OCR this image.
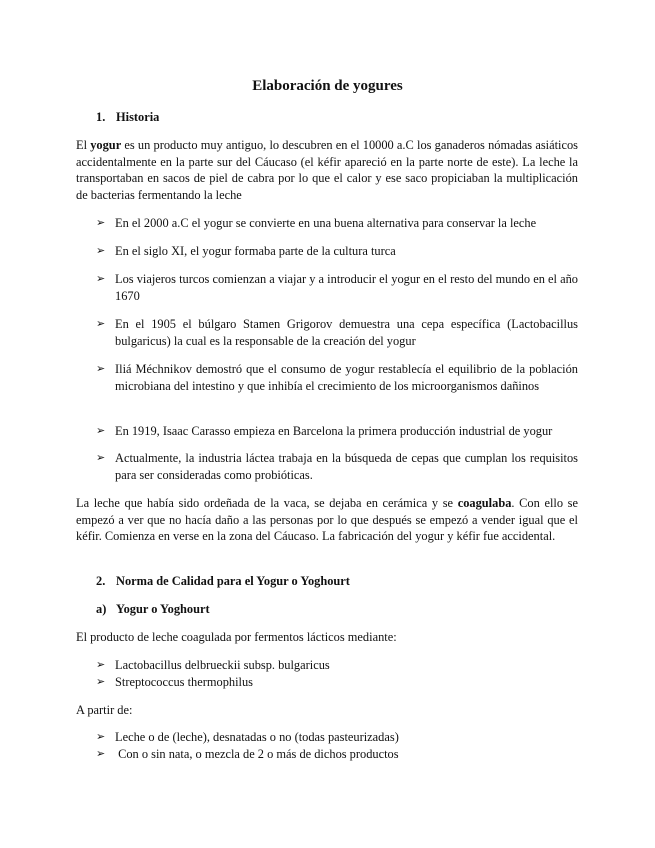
Elaboración de yogures
1. Historia

El yogur es un producto muy antiguo, lo descubren en el 10000 a.C los ganaderos nómadas asiáticos accidentalmente en la parte sur del Cáucaso (el kéfir apareció en la parte norte de este). La leche la transportaban en sacos de piel de cabra por lo que el calor y ese saco propiciaban la multiplicación de bacterias fermentando la leche

➢ En el 2000 a.C el yogur se convierte en una buena alternativa para conservar la leche
➢ En el siglo XI, el yogur formaba parte de la cultura turca
➢ Los viajeros turcos comienzan a viajar y a introducir el yogur en el resto del mundo en el año 1670
➢ En el 1905 el búlgaro Stamen Grigorov demuestra una cepa específica (Lactobacillus bulgaricus) la cual es la responsable de la creación del yogur
➢ Iliá Méchnikov demostró que el consumo de yogur restablecía el equilibrio de la población microbiana del intestino y que inhibía el crecimiento de los microorganismos dañinos
➢ En 1919, Isaac Carasso empieza en Barcelona la primera producción industrial de yogur
➢ Actualmente, la industria láctea trabaja en la búsqueda de cepas que cumplan los requisitos para ser consideradas como probióticas.

La leche que había sido ordeñada de la vaca, se dejaba en cerámica y se coagulaba. Con ello se empezó a ver que no hacía daño a las personas por lo que después se empezó a vender igual que el kéfir. Comienza en verse en la zona del Cáucaso. La fabricación del yogur y kéfir fue accidental.

2. Norma de Calidad para el Yogur o Yoghourt
a) Yogur o Yoghourt

El producto de leche coagulada por fermentos lácticos mediante:

➢ Lactobacillus delbrueckii subsp. bulgaricus
➢ Streptococcus thermophilus

A partir de:

➢ Leche o de (leche), desnatadas o no (todas pasteurizadas)
➢ Con o sin nata, o mezcla de 2 o más de dichos productos
